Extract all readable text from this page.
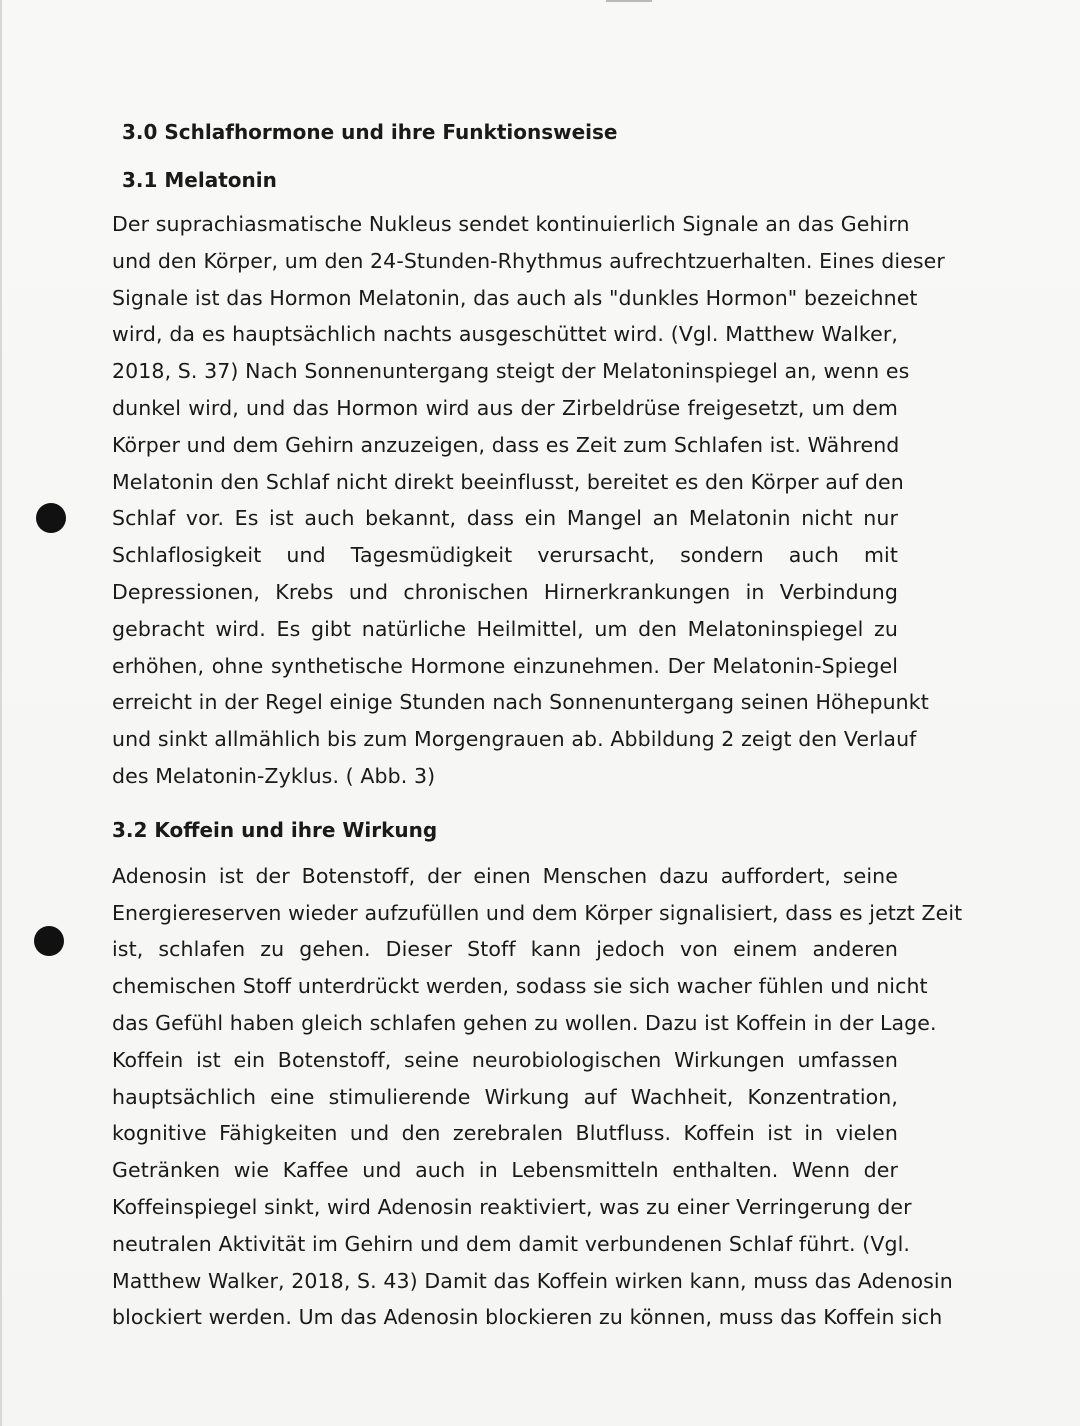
3.0 Schlafhormone und ihre Funktionsweise
3.1 Melatonin

Der suprachiasmatische Nukleus sendet kontinuierlich Signale an das Gehirn
und den Körper, um den 24-Stunden-Rhythmus aufrechtzuerhalten. Eines dieser
Signale ist das Hormon Melatonin, das auch als "dunkles Hormon" bezeichnet
wird, da es hauptsächlich nachts ausgeschüttet wird. (Vgl. Matthew Walker,
2018, S. 37) Nach Sonnenuntergang steigt der Melatoninspiegel an, wenn es
dunkel wird, und das Hormon wird aus der Zirbeldrüse freigesetzt, um dem
Körper und dem Gehirn anzuzeigen, dass es Zeit zum Schlafen ist. Während
Melatonin den Schlaf nicht direkt beeinflusst, bereitet es den Körper auf den
Schlaf vor. Es ist auch bekannt, dass ein Mangel an Melatonin nicht nur
Schlaflosigkeit und Tagesmüdigkeit verursacht, sondern auch mit
Depressionen, Krebs und chronischen Hirnerkrankungen in Verbindung
gebracht wird. Es gibt natürliche Heilmittel, um den Melatoninspiegel zu
erhöhen, ohne synthetische Hormone einzunehmen. Der Melatonin-Spiegel
erreicht in der Regel einige Stunden nach Sonnenuntergang seinen Höhepunkt
und sinkt allmählich bis zum Morgengrauen ab. Abbildung 2 zeigt den Verlauf
des Melatonin-Zyklus. ( Abb. 3)

3.2 Koffein und ihre Wirkung

Adenosin ist der Botenstoff, der einen Menschen dazu auffordert, seine
Energiereserven wieder aufzufüllen und dem Körper signalisiert, dass es jetzt Zeit
ist, schlafen zu gehen. Dieser Stoff kann jedoch von einem anderen
chemischen Stoff unterdrückt werden, sodass sie sich wacher fühlen und nicht
das Gefühl haben gleich schlafen gehen zu wollen. Dazu ist Koffein in der Lage.
Koffein ist ein Botenstoff, seine neurobiologischen Wirkungen umfassen
hauptsächlich eine stimulierende Wirkung auf Wachheit, Konzentration,
kognitive Fähigkeiten und den zerebralen Blutfluss. Koffein ist in vielen
Getränken wie Kaffee und auch in Lebensmitteln enthalten. Wenn der
Koffeinspiegel sinkt, wird Adenosin reaktiviert, was zu einer Verringerung der
neutralen Aktivität im Gehirn und dem damit verbundenen Schlaf führt. (Vgl.
Matthew Walker, 2018, S. 43) Damit das Koffein wirken kann, muss das Adenosin
blockiert werden. Um das Adenosin blockieren zu können, muss das Koffein sich
